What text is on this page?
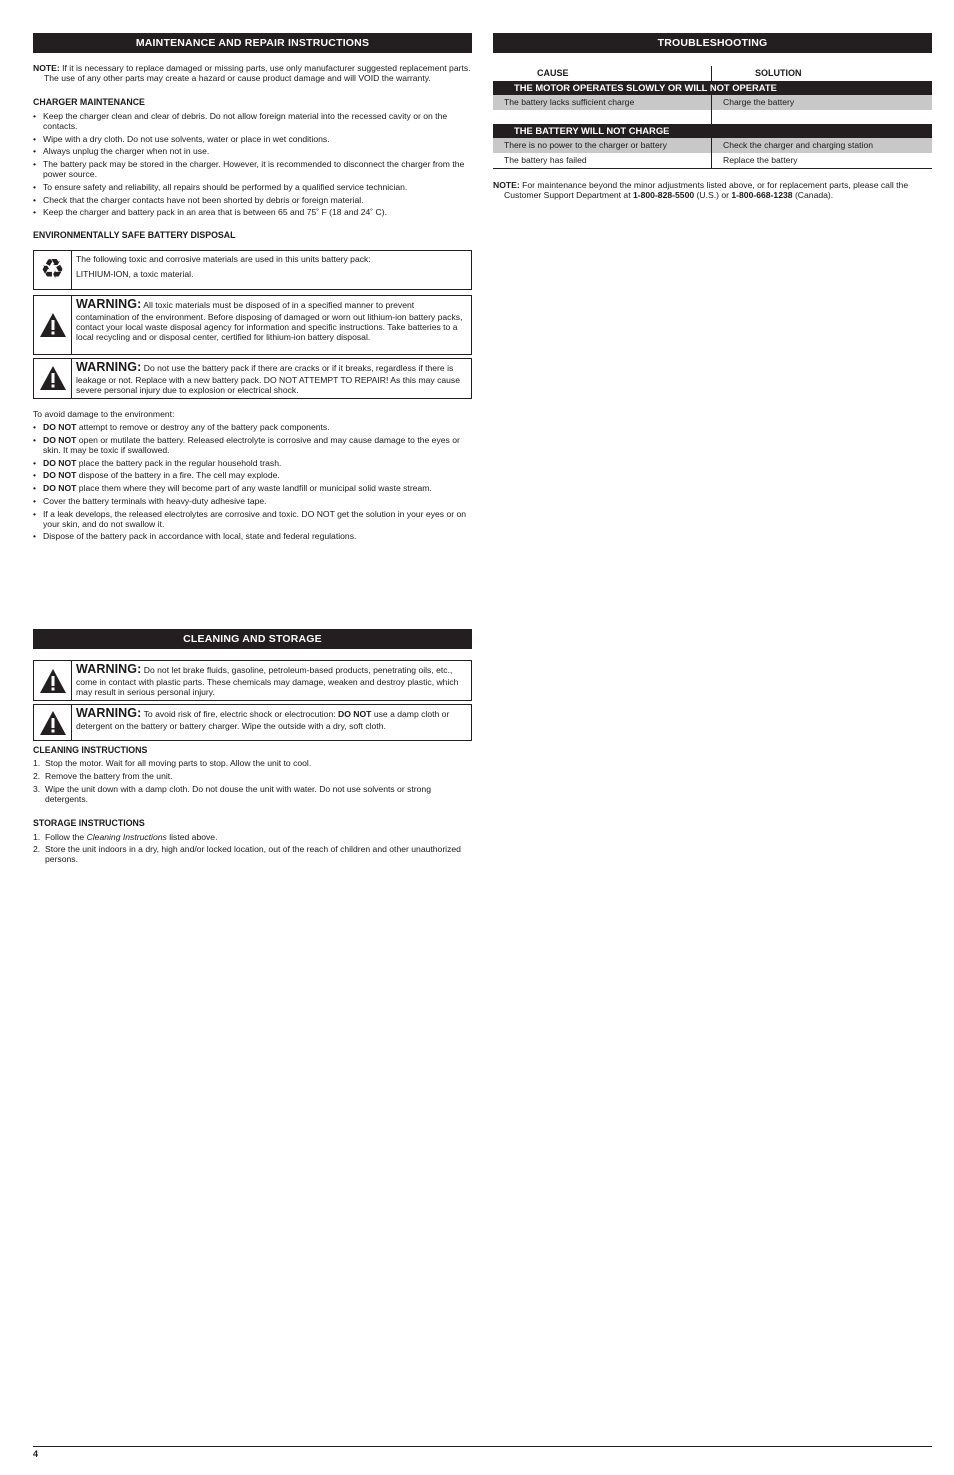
MAINTENANCE AND REPAIR INSTRUCTIONS

NOTE: If it is necessary to replace damaged or missing parts, use only manufacturer suggested replacement parts. The use of any other parts may create a hazard or cause product damage and will VOID the warranty.

CHARGER MAINTENANCE
• Keep the charger clean and clear of debris. Do not allow foreign material into the recessed cavity or on the contacts.
• Wipe with a dry cloth. Do not use solvents, water or place in wet conditions.
• Always unplug the charger when not in use.
• The battery pack may be stored in the charger. However, it is recommended to disconnect the charger from the power source.
• To ensure safety and reliability, all repairs should be performed by a qualified service technician.
• Check that the charger contacts have not been shorted by debris or foreign material.
• Keep the charger and battery pack in an area that is between 65 and 75˚ F (18 and 24˚ C).
ENVIRONMENTALLY SAFE BATTERY DISPOSAL
♻ The following toxic and corrosive materials are used in this units battery pack:

LITHIUM-ION, a toxic material.

WARNING: All toxic materials must be disposed of in a specified manner to prevent contamination of the environment. Before disposing of damaged or worn out lithium-ion battery packs, contact your local waste disposal agency for information and specific instructions. Take batteries to a local recycling and or disposal center, certified for lithium-ion battery disposal.
WARNING: Do not use the battery pack if there are cracks or if it breaks, regardless if there is leakage or not. Replace with a new battery pack. DO NOT ATTEMPT TO REPAIR! As this may cause severe personal injury due to explosion or electrical shock.

To avoid damage to the environment:

• DO NOT attempt to remove or destroy any of the battery pack components.
• DO NOT open or mutilate the battery. Released electrolyte is corrosive and may cause damage to the eyes or skin. It may be toxic if swallowed.
• DO NOT place the battery pack in the regular household trash.
• DO NOT dispose of the battery in a fire. The cell may explode.
• DO NOT place them where they will become part of any waste landfill or municipal solid waste stream.
• Cover the battery terminals with heavy-duty adhesive tape.
• If a leak develops, the released electrolytes are corrosive and toxic. DO NOT get the solution in your eyes or on your skin, and do not swallow it.
• Dispose of the battery pack in accordance with local, state and federal regulations.
CLEANING AND STORAGE
WARNING: Do not let brake fluids, gasoline, petroleum-based products, penetrating oils, etc., come in contact with plastic parts. These chemicals may damage, weaken and destroy plastic, which may result in serious personal injury.
WARNING: To avoid risk of fire, electric shock or electrocution: DO NOT use a damp cloth or detergent on the battery or battery charger. Wipe the outside with a dry, soft cloth.
CLEANING INSTRUCTIONS
1. Stop the motor. Wait for all moving parts to stop. Allow the unit to cool.
2. Remove the battery from the unit.
3. Wipe the unit down with a damp cloth. Do not douse the unit with water. Do not use solvents or strong detergents.
STORAGE INSTRUCTIONS
1. Follow the Cleaning Instructions listed above.
2. Store the unit indoors in a dry, high and/or locked location, out of the reach of children and other unauthorized persons.
TROUBLESHOOTING
CAUSE	SOLUTION
THE MOTOR OPERATES SLOWLY OR WILL NOT OPERATE
The battery lacks sufficient charge	Charge the battery
THE BATTERY WILL NOT CHARGE
There is no power to the charger or battery	Check the charger and charging station
The battery has failed	Replace the battery

NOTE: For maintenance beyond the minor adjustments listed above, or for replacement parts, please call the Customer Support Department at 1-800-828-5500 (U.S.) or 1-800-668-1238 (Canada).

4
